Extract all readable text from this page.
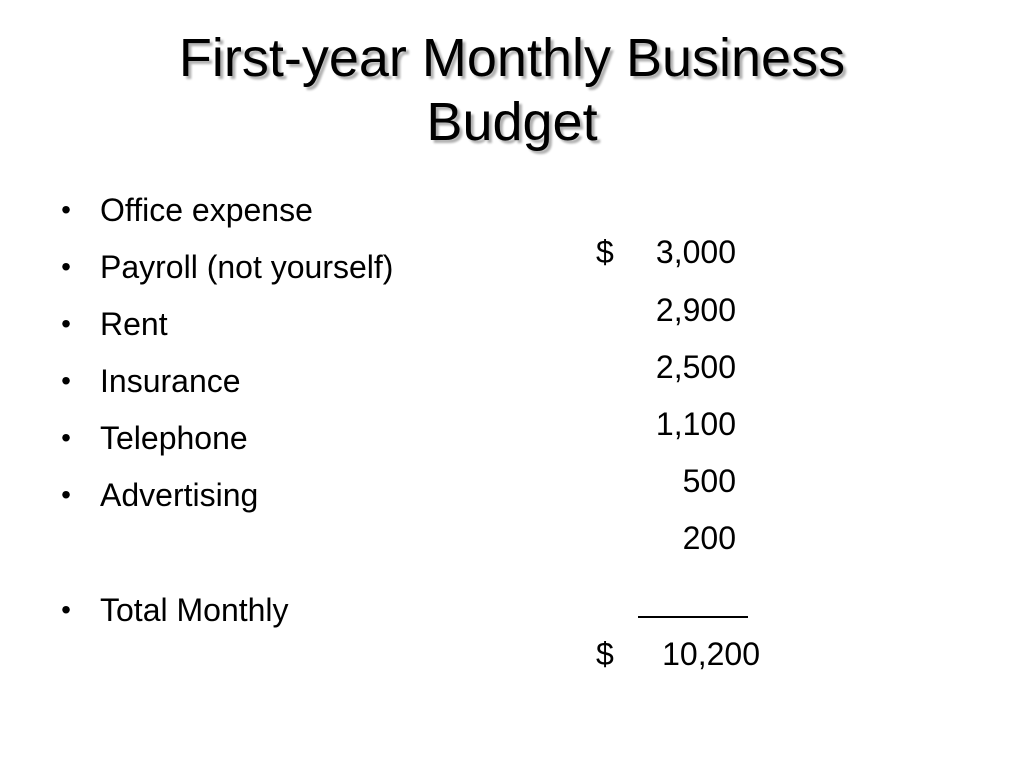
First-year Monthly Business
Budget
• Office expense
• Payroll (not yourself)
• Rent
• Insurance
• Telephone
• Advertising
• Total Monthly
$	3,000
2,900
2,500
1,100
500
200
$	10,200
